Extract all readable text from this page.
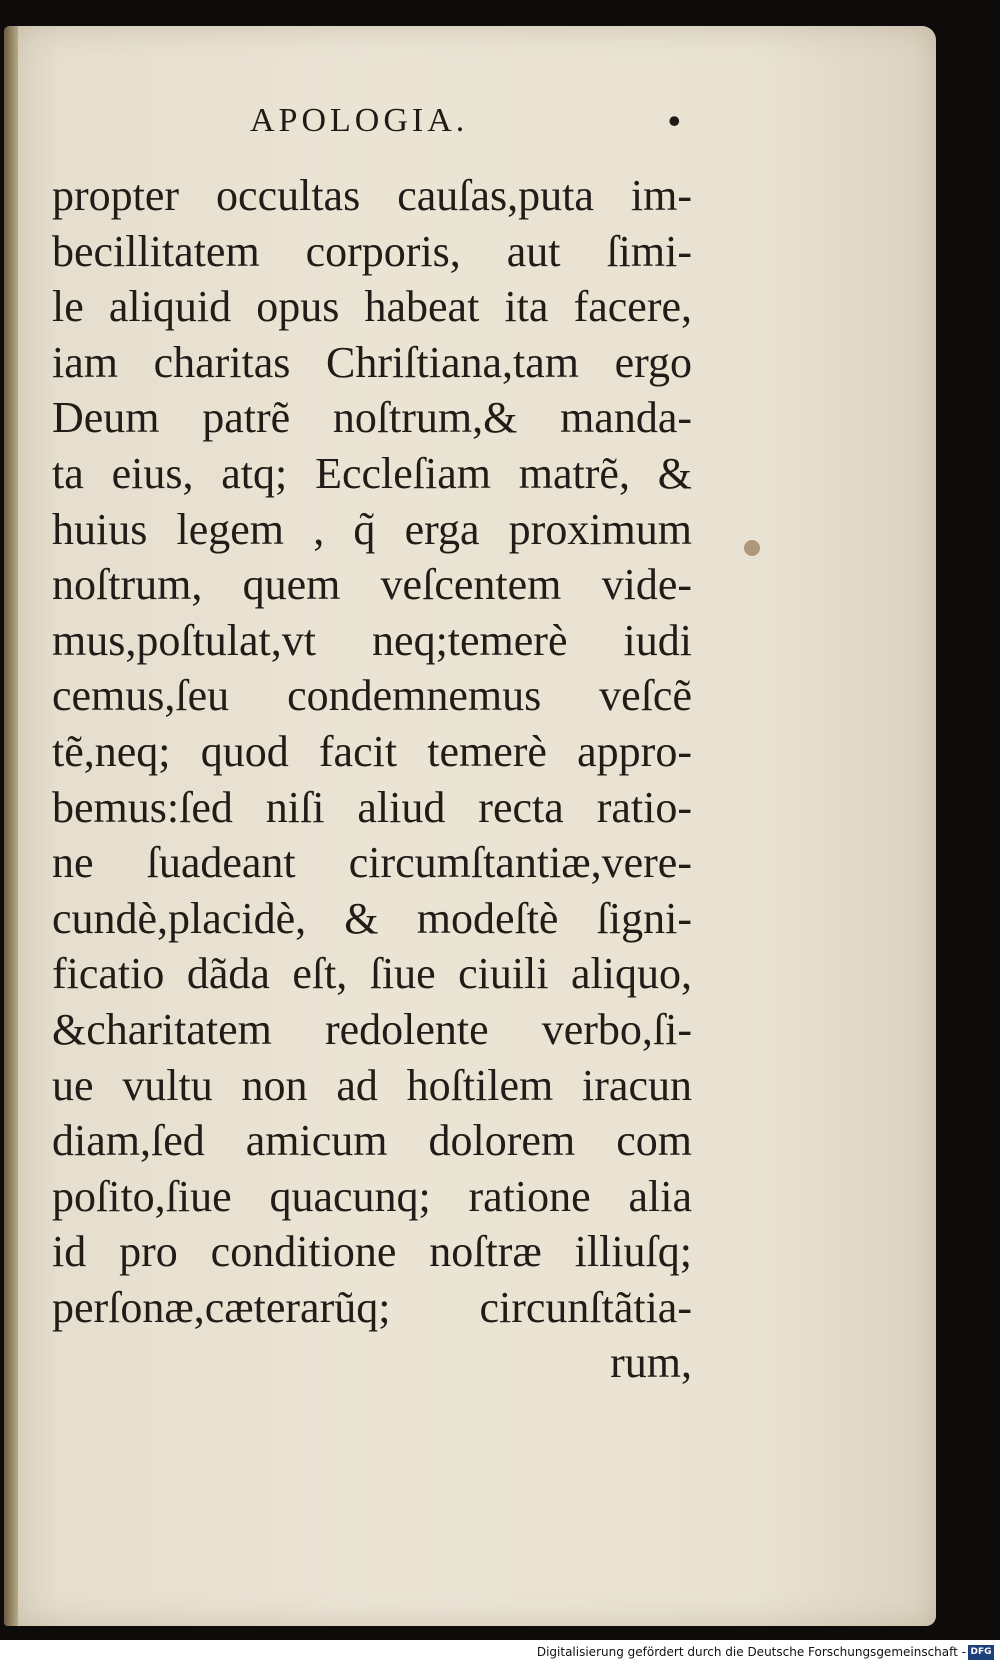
APOLOGIA.	•
propter occultas cauſas,puta im-
becillitatem corporis, aut ſimi-
le aliquid opus habeat ita facere,
iam charitas Chriſtiana,tam ergo
Deum patrẽ noſtrum,& manda-
ta eius, atq; Eccleſiam matrẽ, &
huius legem , q̃ erga proximum
noſtrum, quem veſcentem vide-
mus,poſtulat,vt neq;temerè iudi
cemus,ſeu condemnemus veſcẽ
tẽ,neq; quod facit temerè appro-
bemus:ſed niſi aliud recta ratio-
ne ſuadeant circumſtantiæ,vere-
cundè,placidè, & modeſtè ſigni-
ficatio dãda eſt, ſiue ciuili aliquo,
&charitatem redolente verbo,ſi-
ue vultu non ad hoſtilem iracun
diam,ſed amicum dolorem com
poſito,ſiue quacunq; ratione alia
id pro conditione noſtræ illiuſq;
perſonæ,cæterarũq; circunſtãtia-
rum,
Digitalisierung gefördert durch die Deutsche Forschungsgemeinschaft - DFG
